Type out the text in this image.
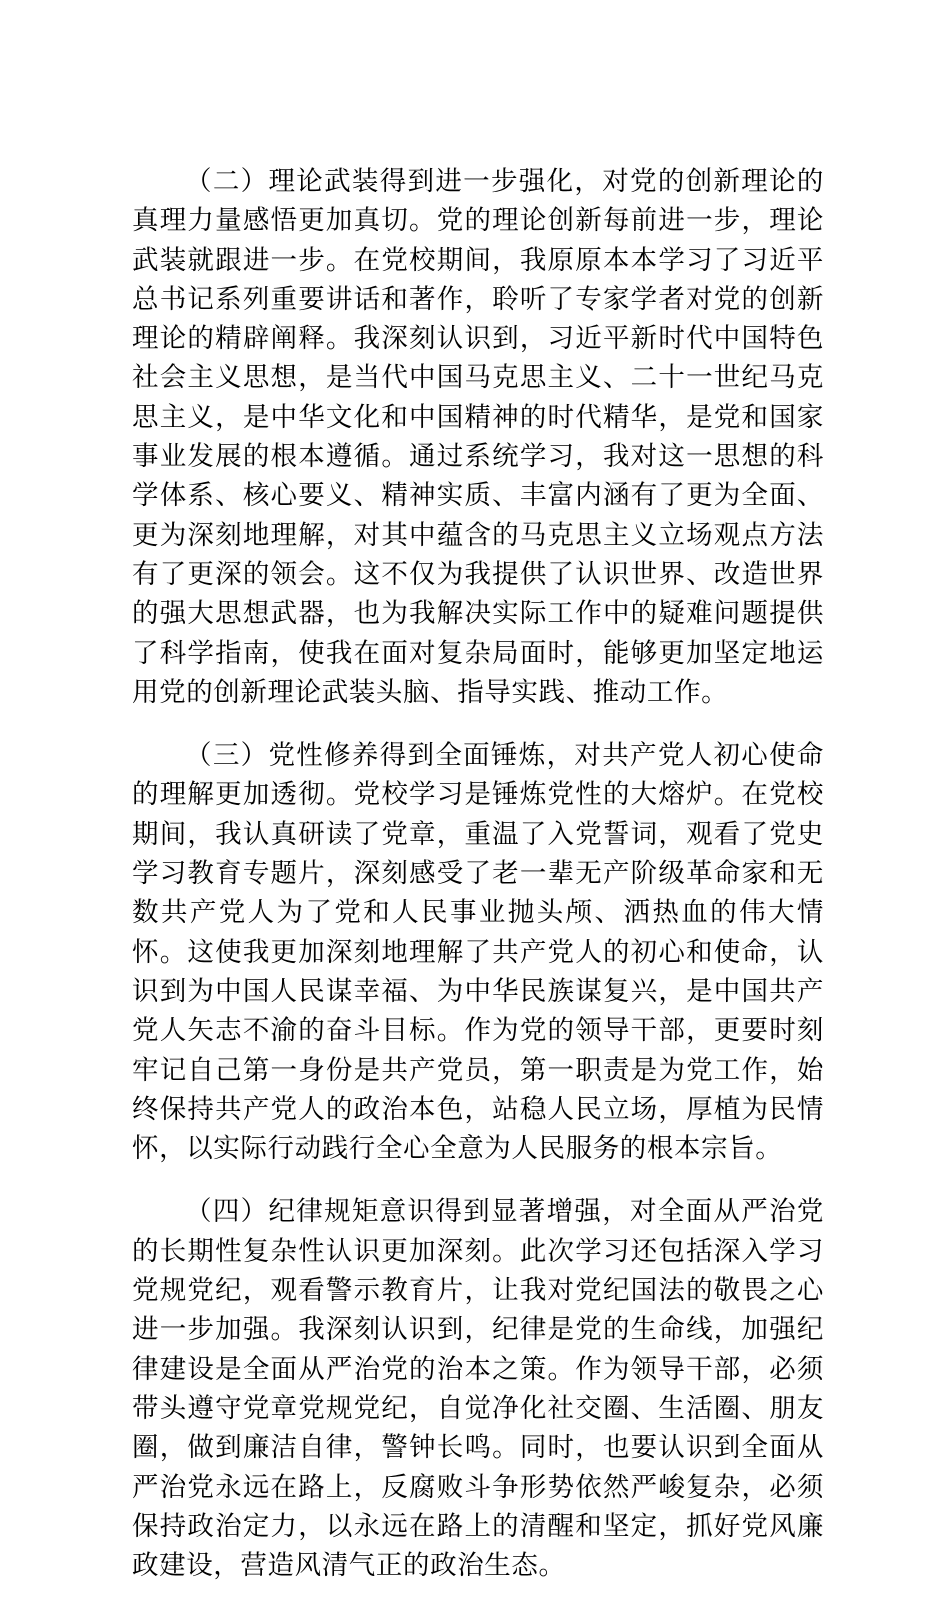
（二）理论武装得到进一步强化，对党的创新理论的真理力量感悟更加真切。党的理论创新每前进一步，理论武装就跟进一步。在党校期间，我原原本本学习了习近平总书记系列重要讲话和著作，聆听了专家学者对党的创新理论的精辟阐释。我深刻认识到，习近平新时代中国特色社会主义思想，是当代中国马克思主义、二十一世纪马克思主义，是中华文化和中国精神的时代精华，是党和国家事业发展的根本遵循。通过系统学习，我对这一思想的科学体系、核心要义、精神实质、丰富内涵有了更为全面、更为深刻地理解，对其中蕴含的马克思主义立场观点方法有了更深的领会。这不仅为我提供了认识世界、改造世界的强大思想武器，也为我解决实际工作中的疑难问题提供了科学指南，使我在面对复杂局面时，能够更加坚定地运用党的创新理论武装头脑、指导实践、推动工作。

（三）党性修养得到全面锤炼，对共产党人初心使命的理解更加透彻。党校学习是锤炼党性的大熔炉。在党校期间，我认真研读了党章，重温了入党誓词，观看了党史学习教育专题片，深刻感受了老一辈无产阶级革命家和无数共产党人为了党和人民事业抛头颅、洒热血的伟大情怀。这使我更加深刻地理解了共产党人的初心和使命，认识到为中国人民谋幸福、为中华民族谋复兴，是中国共产党人矢志不渝的奋斗目标。作为党的领导干部，更要时刻牢记自己第一身份是共产党员，第一职责是为党工作，始终保持共产党人的政治本色，站稳人民立场，厚植为民情怀，以实际行动践行全心全意为人民服务的根本宗旨。

（四）纪律规矩意识得到显著增强，对全面从严治党的长期性复杂性认识更加深刻。此次学习还包括深入学习党规党纪，观看警示教育片，让我对党纪国法的敬畏之心进一步加强。我深刻认识到，纪律是党的生命线，加强纪律建设是全面从严治党的治本之策。作为领导干部，必须带头遵守党章党规党纪，自觉净化社交圈、生活圈、朋友圈，做到廉洁自律，警钟长鸣。同时，也要认识到全面从严治党永远在路上，反腐败斗争形势依然严峻复杂，必须保持政治定力，以永远在路上的清醒和坚定，抓好党风廉政建设，营造风清气正的政治生态。
